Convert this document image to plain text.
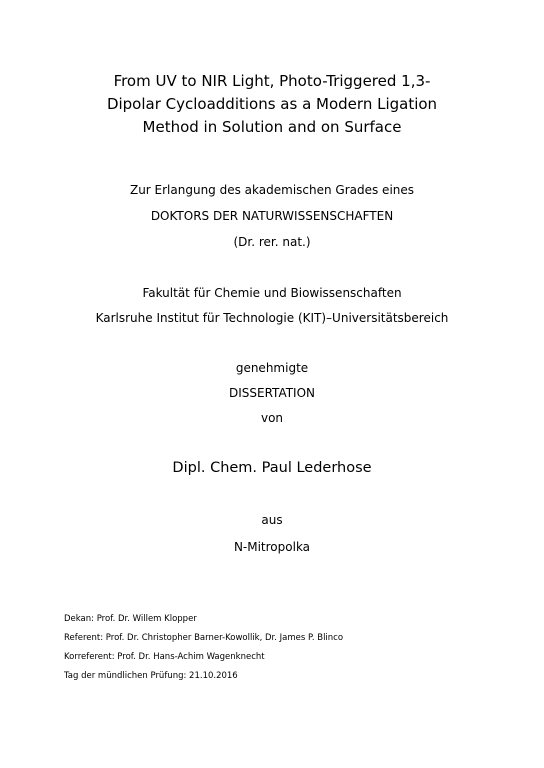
From UV to NIR Light, Photo-Triggered 1,3-
Dipolar Cycloadditions as a Modern Ligation
Method in Solution and on Surface
Zur Erlangung des akademischen Grades eines
DOKTORS DER NATURWISSENSCHAFTEN
(Dr. rer. nat.)
Fakultät für Chemie und Biowissenschaften
Karlsruhe Institut für Technologie (KIT)–Universitätsbereich
genehmigte
DISSERTATION
von
Dipl. Chem. Paul Lederhose
aus
N-Mitropolka
Dekan: Prof. Dr. Willem Klopper
Referent: Prof. Dr. Christopher Barner-Kowollik, Dr. James P. Blinco
Korreferent: Prof. Dr. Hans-Achim Wagenknecht
Tag der mündlichen Prüfung: 21.10.2016
